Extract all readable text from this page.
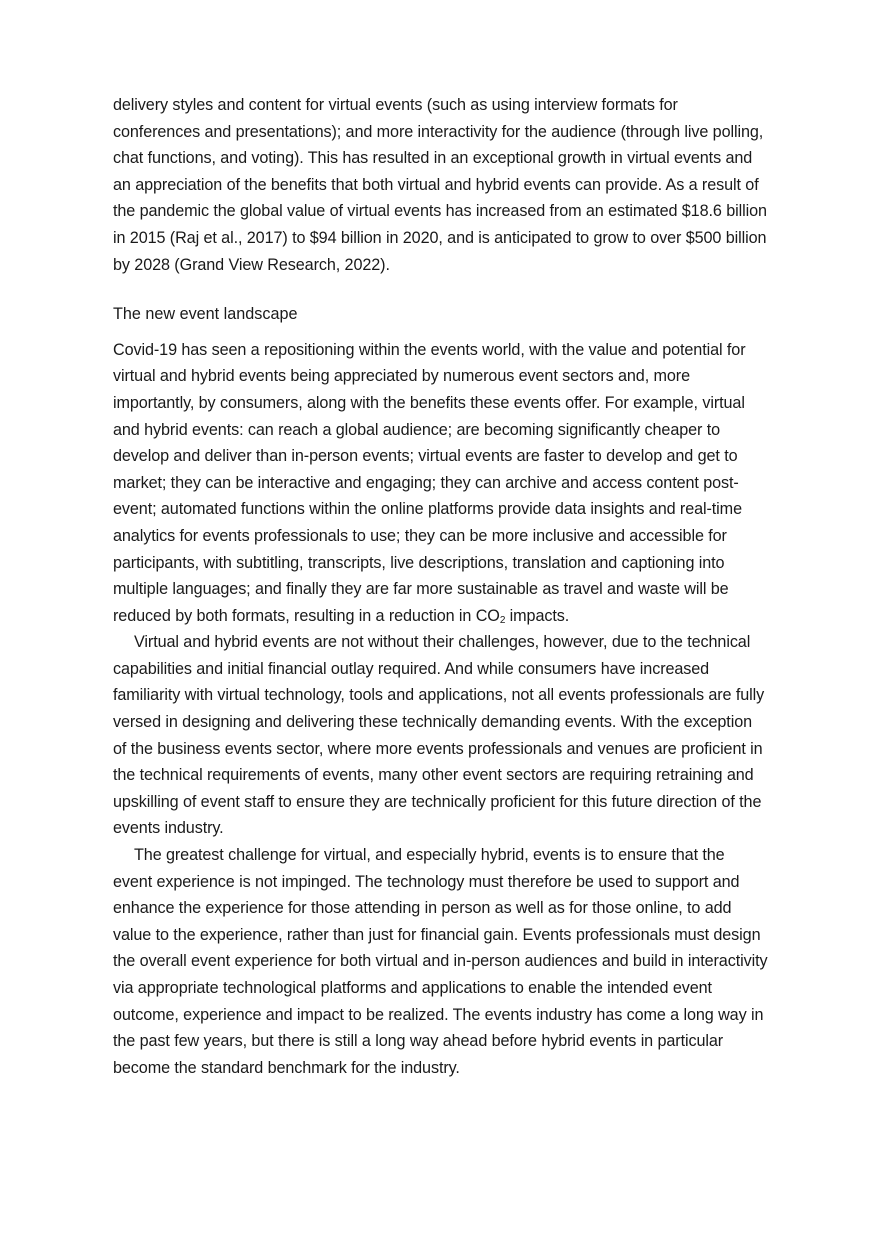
delivery styles and content for virtual events (such as using interview formats for conferences and presentations); and more interactivity for the audience (through live polling, chat functions, and voting). This has resulted in an exceptional growth in virtual events and an appreciation of the benefits that both virtual and hybrid events can provide. As a result of the pandemic the global value of virtual events has increased from an estimated $18.6 billion in 2015 (Raj et al., 2017) to $94 billion in 2020, and is anticipated to grow to over $500 billion by 2028 (Grand View Research, 2022).

The new event landscape

Covid-19 has seen a repositioning within the events world, with the value and potential for virtual and hybrid events being appreciated by numerous event sectors and, more importantly, by consumers, along with the benefits these events offer. For example, virtual and hybrid events: can reach a global audience; are becoming significantly cheaper to develop and deliver than in-person events; virtual events are faster to develop and get to market; they can be interactive and engaging; they can archive and access content post-event; automated functions within the online platforms provide data insights and real-time analytics for events professionals to use; they can be more inclusive and accessible for participants, with subtitling, transcripts, live descriptions, translation and captioning into multiple languages; and finally they are far more sustainable as travel and waste will be reduced by both formats, resulting in a reduction in $CO_2$ impacts.

Virtual and hybrid events are not without their challenges, however, due to the technical capabilities and initial financial outlay required. And while consumers have increased familiarity with virtual technology, tools and applications, not all events professionals are fully versed in designing and delivering these technically demanding events. With the exception of the business events sector, where more events professionals and venues are proficient in the technical requirements of events, many other event sectors are requiring retraining and upskilling of event staff to ensure they are technically proficient for this future direction of the events industry.

The greatest challenge for virtual, and especially hybrid, events is to ensure that the event experience is not impinged. The technology must therefore be used to support and enhance the experience for those attending in person as well as for those online, to add value to the experience, rather than just for financial gain. Events professionals must design the overall event experience for both virtual and in-person audiences and build in interactivity via appropriate technological platforms and applications to enable the intended event outcome, experience and impact to be realized. The events industry has come a long way in the past few years, but there is still a long way ahead before hybrid events in particular become the standard benchmark for the industry.
